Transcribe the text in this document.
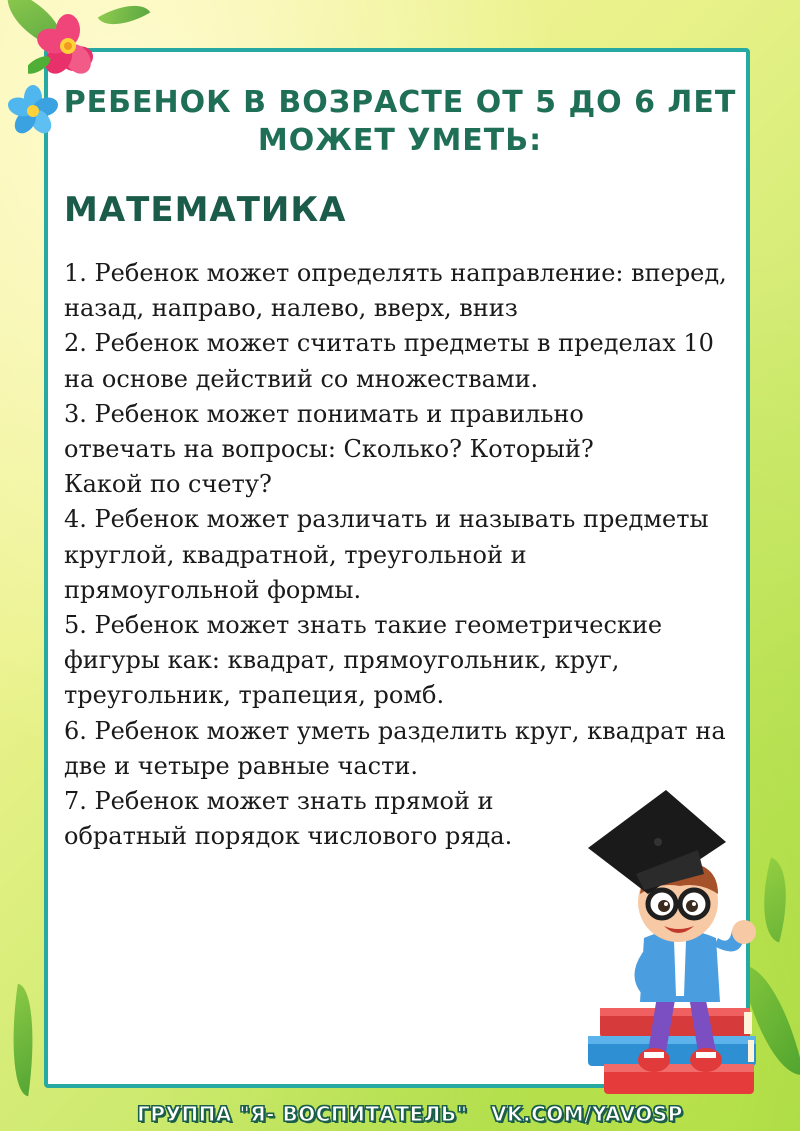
РЕБЕНОК В ВОЗРАСТЕ ОТ 5 ДО 6 ЛЕТ
МОЖЕТ УМЕТЬ:
МАТЕМАТИКА
1. Ребенок может определять направление: вперед, назад, направо, налево, вверх, вниз
2. Ребенок может считать предметы в пределах 10 на основе действий со множествами.
3. Ребенок может понимать и правильно отвечать на вопросы: Сколько? Который? Какой по счету?
4. Ребенок может различать и называть предметы круглой, квадратной, треугольной и прямоугольной формы.
5. Ребенок может знать такие геометрические фигуры как: квадрат, прямоугольник, круг, треугольник, трапеция, ромб.
6. Ребенок может уметь разделить круг, квадрат на две и четыре равные части.
7. Ребенок может знать прямой и обратный порядок числового ряда.
ГРУППА "Я- ВОСПИТАТЕЛЬ" VK.COM/YAVOSP
